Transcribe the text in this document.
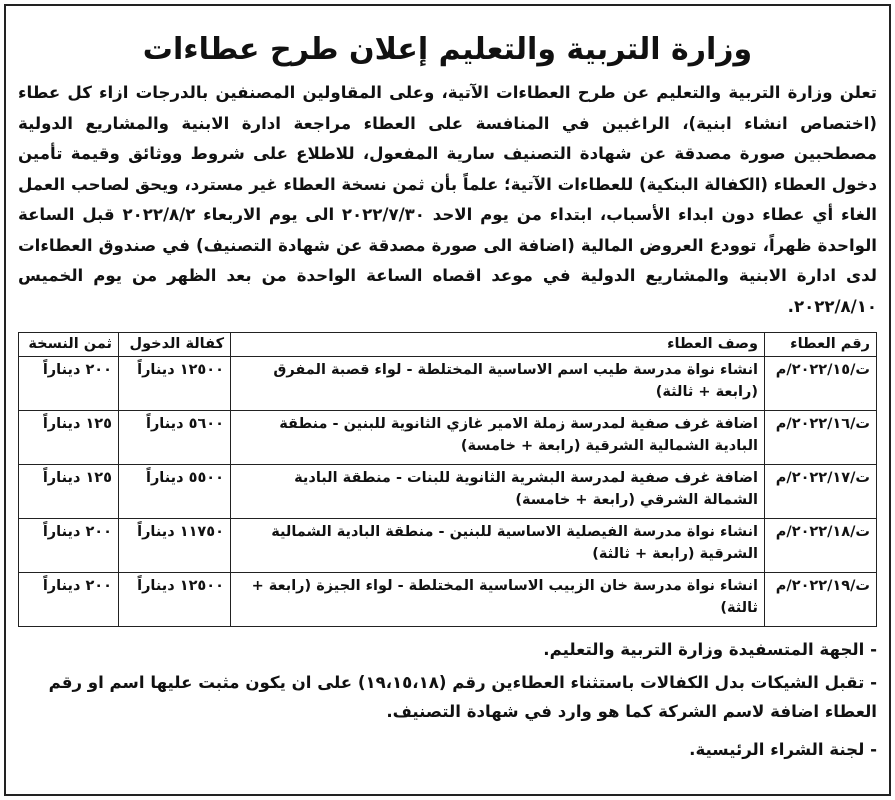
وزارة التربية والتعليم إعلان طرح عطاءات

تعلن وزارة التربية والتعليم عن طرح العطاءات الآتية، وعلى المقاولين المصنفين بالدرجات ازاء كل عطاء (اختصاص انشاء ابنية)، الراغبين في المنافسة على العطاء مراجعة ادارة الابنية والمشاريع الدولية مصطحبين صورة مصدقة عن شهادة التصنيف سارية المفعول، للاطلاع على شروط ووثائق وقيمة تأمين دخول العطاء (الكفالة البنكية) للعطاءات الآتية؛ علماً بأن ثمن نسخة العطاء غير مسترد، ويحق لصاحب العمل الغاء أي عطاء دون ابداء الأسباب، ابتداء من يوم الاحد ٢٠٢٢/٧/٣٠ الى يوم الاربعاء ٢٠٢٢/٨/٢ قبل الساعة الواحدة ظهراً، توودع العروض المالية (اضافة الى صورة مصدقة عن شهادة التصنيف) في صندوق العطاءات لدى ادارة الابنية والمشاريع الدولية في موعد اقصاه الساعة الواحدة من بعد الظهر من يوم الخميس ٢٠٢٢/٨/١٠.

رقم العطاء	وصف العطاء	كفالة الدخول	ثمن النسخة
ت/٢٠٢٢/١٥/م	انشاء نواة مدرسة طيب اسم الاساسية المختلطة - لواء قصبة المفرق (رابعة + ثالثة)	١٢٥٠٠ ديناراً	٢٠٠ ديناراً
ت/٢٠٢٢/١٦/م	اضافة غرف صفية لمدرسة زملة الامير غازي الثانوية للبنين - منطقة البادية الشمالية الشرقية (رابعة + خامسة)	٥٦٠٠ ديناراً	١٢٥ ديناراً
ت/٢٠٢٢/١٧/م	اضافة غرف صفية لمدرسة البشرية الثانوية للبنات - منطقة البادية الشمالة الشرقي (رابعة + خامسة)	٥٥٠٠ ديناراً	١٢٥ ديناراً
ت/٢٠٢٢/١٨/م	انشاء نواة مدرسة الفيصلية الاساسية للبنين - منطقة البادية الشمالية الشرقية (رابعة + ثالثة)	١١٧٥٠ ديناراً	٢٠٠ ديناراً
ت/٢٠٢٢/١٩/م	انشاء نواة مدرسة خان الزبيب الاساسية المختلطة - لواء الجيزة (رابعة + ثالثة)	١٢٥٠٠ ديناراً	٢٠٠ ديناراً

- الجهة المتسفيدة وزارة التربية والتعليم.

- تقبل الشيكات بدل الكفالات باستثناء العطاءين رقم (١٩،١٥،١٨) على ان يكون مثبت عليها اسم او رقم العطاء اضافة لاسم الشركة كما هو وارد في شهادة التصنيف.

- لجنة الشراء الرئيسية.
